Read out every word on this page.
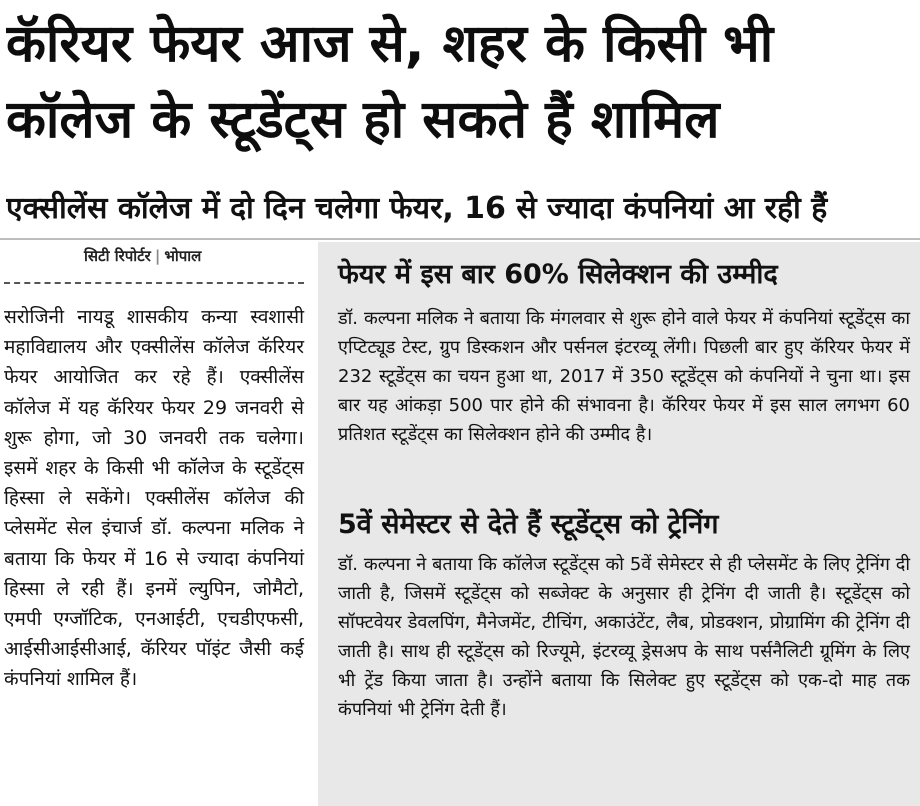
कॅरियर फेयर आज से, शहर के किसी भी
कॉलेज के स्टूडेंट्स हो सकते हैं शामिल
एक्सीलेंस कॉलेज में दो दिन चलेगा फेयर, 16 से ज्यादा कंपनियां आ रही हैं
सिटी रिपोर्टर | भोपाल
सरोजिनी नायडू शासकीय कन्या स्वशासी महाविद्यालय और एक्सीलेंस कॉलेज कॅरियर फेयर आयोजित कर रहे हैं। एक्सीलेंस कॉलेज में यह कॅरियर फेयर 29 जनवरी से शुरू होगा, जो 30 जनवरी तक चलेगा। इसमें शहर के किसी भी कॉलेज के स्टूडेंट्स हिस्सा ले सकेंगे। एक्सीलेंस कॉलेज की प्लेसमेंट सेल इंचार्ज डॉ. कल्पना मलिक ने बताया कि फेयर में 16 से ज्यादा कंपनियां हिस्सा ले रही हैं। इनमें ल्युपिन, जोमैटो, एमपी एग्जॉटिक, एनआईटी, एचडीएफसी, आईसीआईसीआई, कॅरियर पॉइंट जैसी कई कंपनियां शामिल हैं।
फेयर में इस बार 60% सिलेक्शन की उम्मीद
डॉ. कल्पना मलिक ने बताया कि मंगलवार से शुरू होने वाले फेयर में कंपनियां स्टूडेंट्स का एप्टिट्यूड टेस्ट, ग्रुप डिस्कशन और पर्सनल इंटरव्यू लेंगी। पिछली बार हुए कॅरियर फेयर में 232 स्टूडेंट्स का चयन हुआ था, 2017 में 350 स्टूडेंट्स को कंपनियों ने चुना था। इस बार यह आंकड़ा 500 पार होने की संभावना है। कॅरियर फेयर में इस साल लगभग 60 प्रतिशत स्टूडेंट्स का सिलेक्शन होने की उम्मीद है।
5वें सेमेस्टर से देते हैं स्टूडेंट्स को ट्रेनिंग
डॉ. कल्पना ने बताया कि कॉलेज स्टूडेंट्स को 5वें सेमेस्टर से ही प्लेसमेंट के लिए ट्रेनिंग दी जाती है, जिसमें स्टूडेंट्स को सब्जेक्ट के अनुसार ही ट्रेनिंग दी जाती है। स्टूडेंट्स को सॉफ्टवेयर डेवलपिंग, मैनेजमेंट, टीचिंग, अकाउंटेंट, लैब, प्रोडक्शन, प्रोग्रामिंग की ट्रेनिंग दी जाती है। साथ ही स्टूडेंट्स को रिज्यूमे, इंटरव्यू ड्रेसअप के साथ पर्सनैलिटी ग्रूमिंग के लिए भी ट्रेंड किया जाता है। उन्होंने बताया कि सिलेक्ट हुए स्टूडेंट्स को एक-दो माह तक कंपनियां भी ट्रेनिंग देती हैं।
